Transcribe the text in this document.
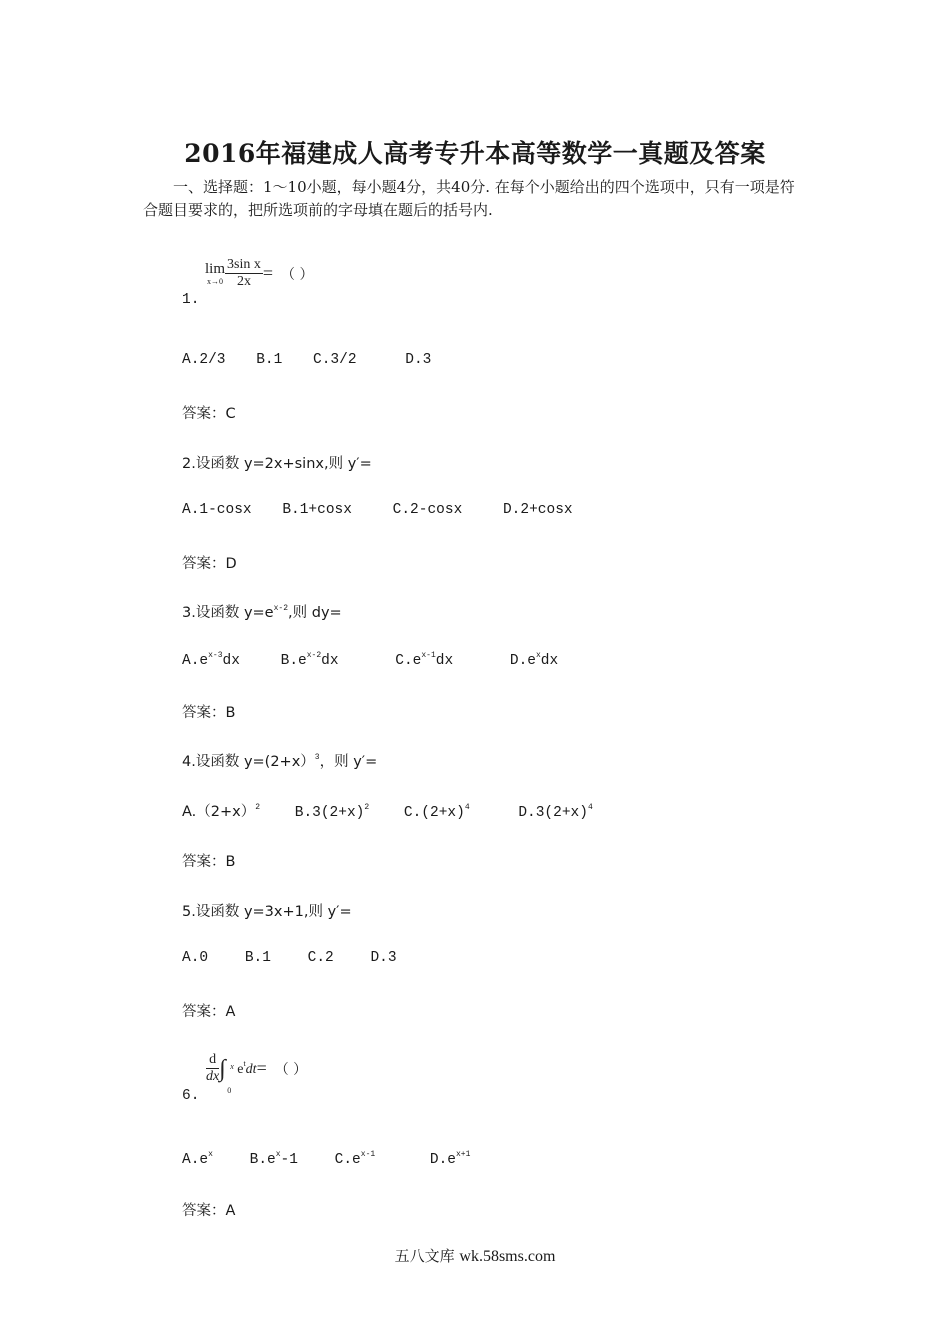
2016年福建成人高考专升本高等数学一真题及答案
一、选择题：1～10小题，每小题4分，共40分. 在每个小题给出的四个选项中，只有一项是符合题目要求的，把所选项前的字母填在题后的括号内.
lim
$x\to 0 \frac{\text{3sin x}}{2x}$ = （ ）
1.
A.2/3 B.1 C.3/2	D.3
答案：C
2.设函数 y=2x+sinx,则 y′=
A.1-cosx B.1+cosx	C.2-cosx	D.2+cosx
答案：D
3.设函数 $y=e^{x-2}$,则 dy=
$A.e^{x-3}dx$	$B.e^{x-2}dx$	$C.e^{x-1}dx$	$D.e^xdx$
答案：B
4.设函数 y=(2+x）$^3$，则 y′=
$A.(2+x)^2$ $B.3(2+x)^2$ $C.(2+x)^4$	$D.3(2+x)^4$
答案：B
5.设函数 y=3x+1,则 y′=
A.0	B.1	C.2	D.3
答案：A
$\frac{d}{dx}$ ∫ x
0
$e^tdt=$ （ ）
6.
$A.e^x$	$B.e^x-1$	$C.e^{x-1}$	$D.e^{x+1}$
答案：A
五八文库 wk.58sms.com
